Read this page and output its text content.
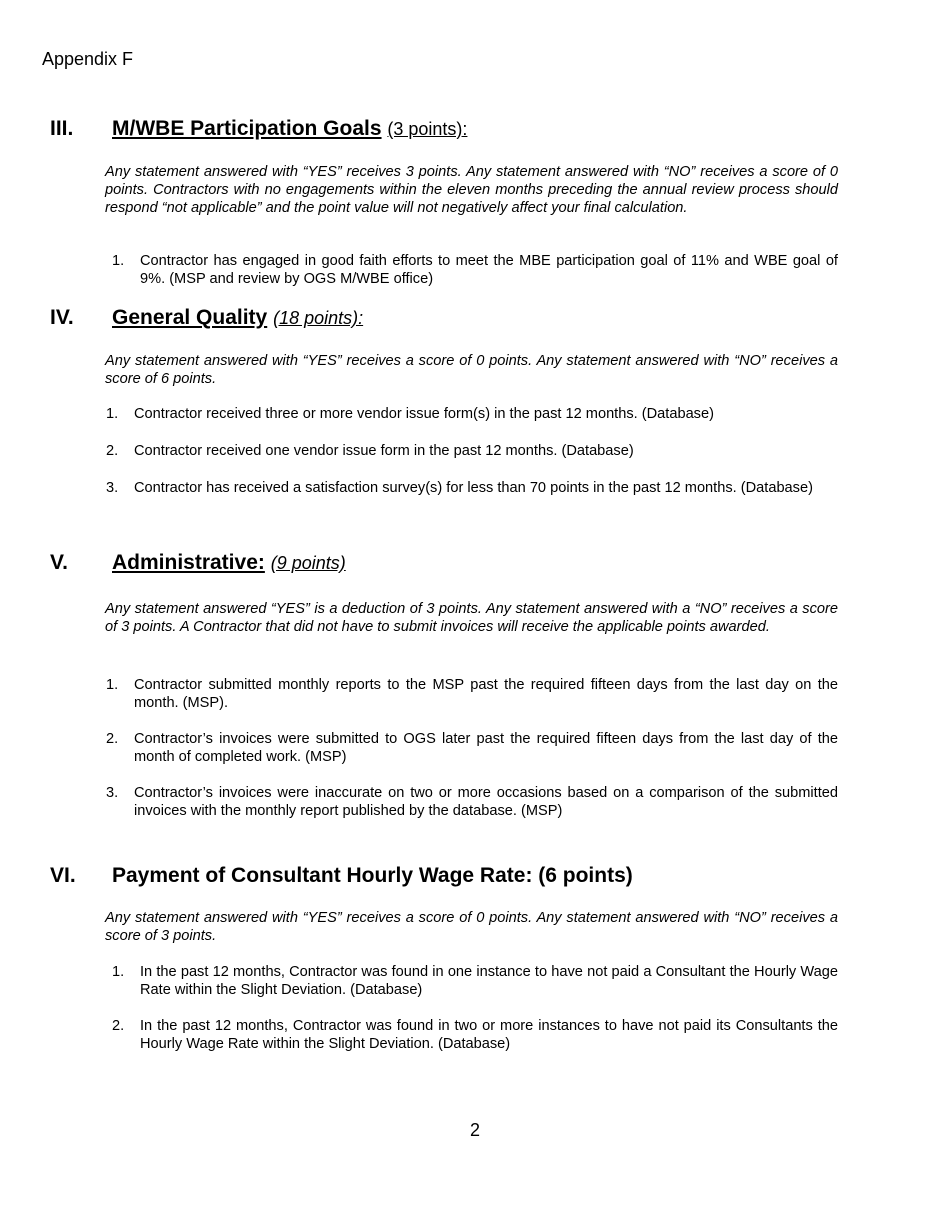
Appendix F
III. M/WBE Participation Goals (3 points):

Any statement answered with “YES” receives 3 points. Any statement answered with “NO” receives a score of 0 points. Contractors with no engagements within the eleven months preceding the annual review process should respond “not applicable” and the point value will not negatively affect your final calculation.

1. Contractor has engaged in good faith efforts to meet the MBE participation goal of 11% and WBE goal of 9%. (MSP and review by OGS M/WBE office)
IV. General Quality (18 points):

Any statement answered with “YES” receives a score of 0 points. Any statement answered with “NO” receives a score of 6 points.

1. Contractor received three or more vendor issue form(s) in the past 12 months. (Database)
2. Contractor received one vendor issue form in the past 12 months. (Database)
3. Contractor has received a satisfaction survey(s) for less than 70 points in the past 12 months. (Database)
V. Administrative: (9 points)

Any statement answered “YES” is a deduction of 3 points. Any statement answered with a “NO” receives a score of 3 points. A Contractor that did not have to submit invoices will receive the applicable points awarded.

1. Contractor submitted monthly reports to the MSP past the required fifteen days from the last day on the month. (MSP).
2. Contractor’s invoices were submitted to OGS later past the required fifteen days from the last day of the month of completed work. (MSP)
3. Contractor’s invoices were inaccurate on two or more occasions based on a comparison of the submitted invoices with the monthly report published by the database. (MSP)
VI. Payment of Consultant Hourly Wage Rate: (6 points)

Any statement answered with “YES” receives a score of 0 points. Any statement answered with “NO” receives a score of 3 points.

1. In the past 12 months, Contractor was found in one instance to have not paid a Consultant the Hourly Wage Rate within the Slight Deviation. (Database)
2. In the past 12 months, Contractor was found in two or more instances to have not paid its Consultants the Hourly Wage Rate within the Slight Deviation. (Database)
2
